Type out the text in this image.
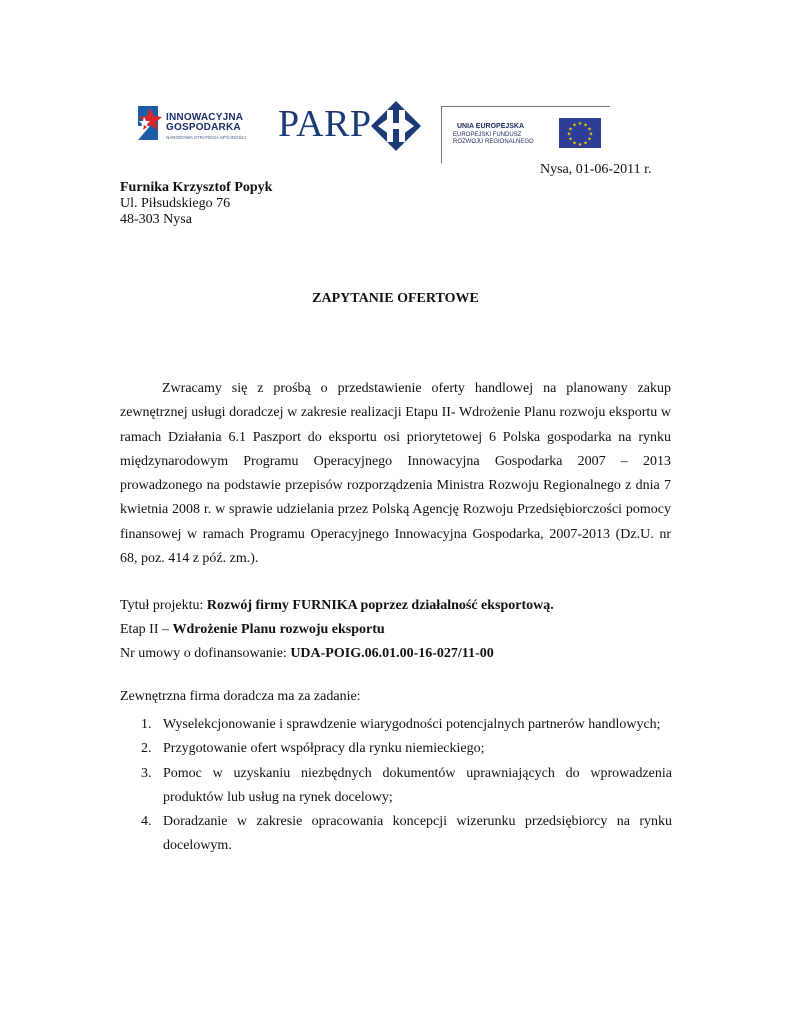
INNOWACYJNA
GOSPODARKA
NARODOWA STRATEGIA SPÓJNOŚCI PARP	UNIA EUROPEJSKA
EUROPEJSKI FUNDUSZ
ROZWOJU REGIONALNEGO
★ ★
★
★
★
★
★
★
★
★
★
★
Nysa, 01-06-2011 r.
Furnika Krzysztof Popyk
Ul. Piłsudskiego 76
48-303 Nysa
ZAPYTANIE OFERTOWE
Zwracamy się z prośbą o przedstawienie oferty handlowej na planowany zakup
zewnętrznej usługi doradczej w zakresie realizacji Etapu II- Wdrożenie Planu rozwoju eksportu w
ramach Działania 6.1 Paszport do eksportu osi priorytetowej 6 Polska gospodarka na rynku
międzynarodowym Programu Operacyjnego Innowacyjna Gospodarka 2007 – 2013
prowadzonego na podstawie przepisów rozporządzenia Ministra Rozwoju Regionalnego z dnia 7
kwietnia 2008 r. w sprawie udzielania przez Polską Agencję Rozwoju Przedsiębiorczości pomocy
finansowej w ramach Programu Operacyjnego Innowacyjna Gospodarka, 2007-2013 (Dz.U. nr
68, poz. 414 z póź. zm.).
Tytuł projektu: Rozwój firmy FURNIKA poprzez działalność eksportową.
Etap II – Wdrożenie Planu rozwoju eksportu
Nr umowy o dofinansowanie: UDA-POIG.06.01.00-16-027/11-00
Zewnętrzna firma doradcza ma za zadanie:
1. Wyselekcjonowanie i sprawdzenie wiarygodności potencjalnych partnerów handlowych;
2. Przygotowanie ofert współpracy dla rynku niemieckiego;
3. Pomoc w uzyskaniu niezbędnych dokumentów uprawniających do wprowadzenia
produktów lub usług na rynek docelowy;
4. Doradzanie w zakresie opracowania koncepcji wizerunku przedsiębiorcy na rynku
docelowym.
